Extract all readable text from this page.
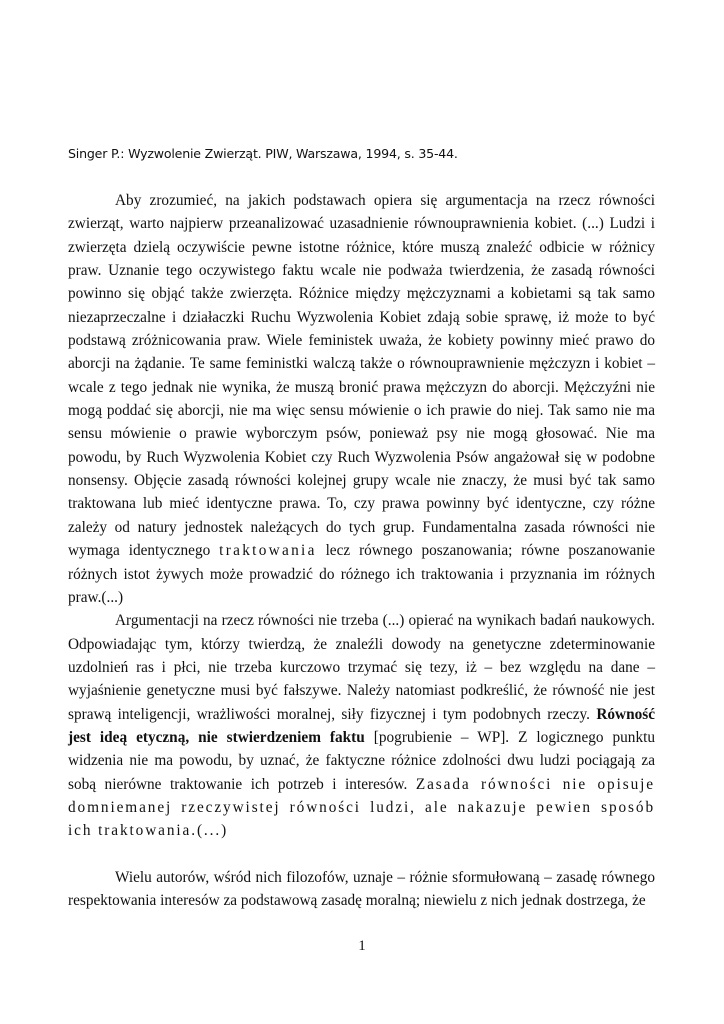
Singer P.: Wyzwolenie Zwierząt. PIW, Warszawa, 1994, s. 35-44.

Aby zrozumieć, na jakich podstawach opiera się argumentacja na rzecz równości zwierząt, warto najpierw przeanalizować uzasadnienie równouprawnienia kobiet. (...) Ludzi i zwierzęta dzielą oczywiście pewne istotne różnice, które muszą znaleźć odbicie w różnicy praw. Uznanie tego oczywistego faktu wcale nie podważa twierdzenia, że zasadą równości powinno się objąć także zwierzęta. Różnice między mężczyznami a kobietami są tak samo niezaprzeczalne i działaczki Ruchu Wyzwolenia Kobiet zdają sobie sprawę, iż może to być podstawą zróżnicowania praw. Wiele feministek uważa, że kobiety powinny mieć prawo do aborcji na żądanie. Te same feministki walczą także o równouprawnienie mężczyzn i kobiet – wcale z tego jednak nie wynika, że muszą bronić prawa mężczyzn do aborcji. Mężczyźni nie mogą poddać się aborcji, nie ma więc sensu mówienie o ich prawie do niej. Tak samo nie ma sensu mówienie o prawie wyborczym psów, ponieważ psy nie mogą głosować. Nie ma powodu, by Ruch Wyzwolenia Kobiet czy Ruch Wyzwolenia Psów angażował się w podobne nonsensy. Objęcie zasadą równości kolejnej grupy wcale nie znaczy, że musi być tak samo traktowana lub mieć identyczne prawa. To, czy prawa powinny być identyczne, czy różne zależy od natury jednostek należących do tych grup. Fundamentalna zasada równości nie wymaga identycznego traktowania lecz równego poszanowania; równe poszanowanie różnych istot żywych może prowadzić do różnego ich traktowania i przyznania im różnych praw.(...)

Argumentacji na rzecz równości nie trzeba (...) opierać na wynikach badań naukowych. Odpowiadając tym, którzy twierdzą, że znaleźli dowody na genetyczne zdeterminowanie uzdolnień ras i płci, nie trzeba kurczowo trzymać się tezy, iż – bez względu na dane – wyjaśnienie genetyczne musi być fałszywe. Należy natomiast podkreślić, że równość nie jest sprawą inteligencji, wrażliwości moralnej, siły fizycznej i tym podobnych rzeczy. Równość jest ideą etyczną, nie stwierdzeniem faktu [pogrubienie – WP]. Z logicznego punktu widzenia nie ma powodu, by uznać, że faktyczne różnice zdolności dwu ludzi pociągają za sobą nierówne traktowanie ich potrzeb i interesów. Zasada równości nie opisuje domniemanej rzeczywistej równości ludzi, ale nakazuje pewien sposób ich traktowania.(...)

Wielu autorów, wśród nich filozofów, uznaje – różnie sformułowaną – zasadę równego respektowania interesów za podstawową zasadę moralną; niewielu z nich jednak dostrzega, że

1
